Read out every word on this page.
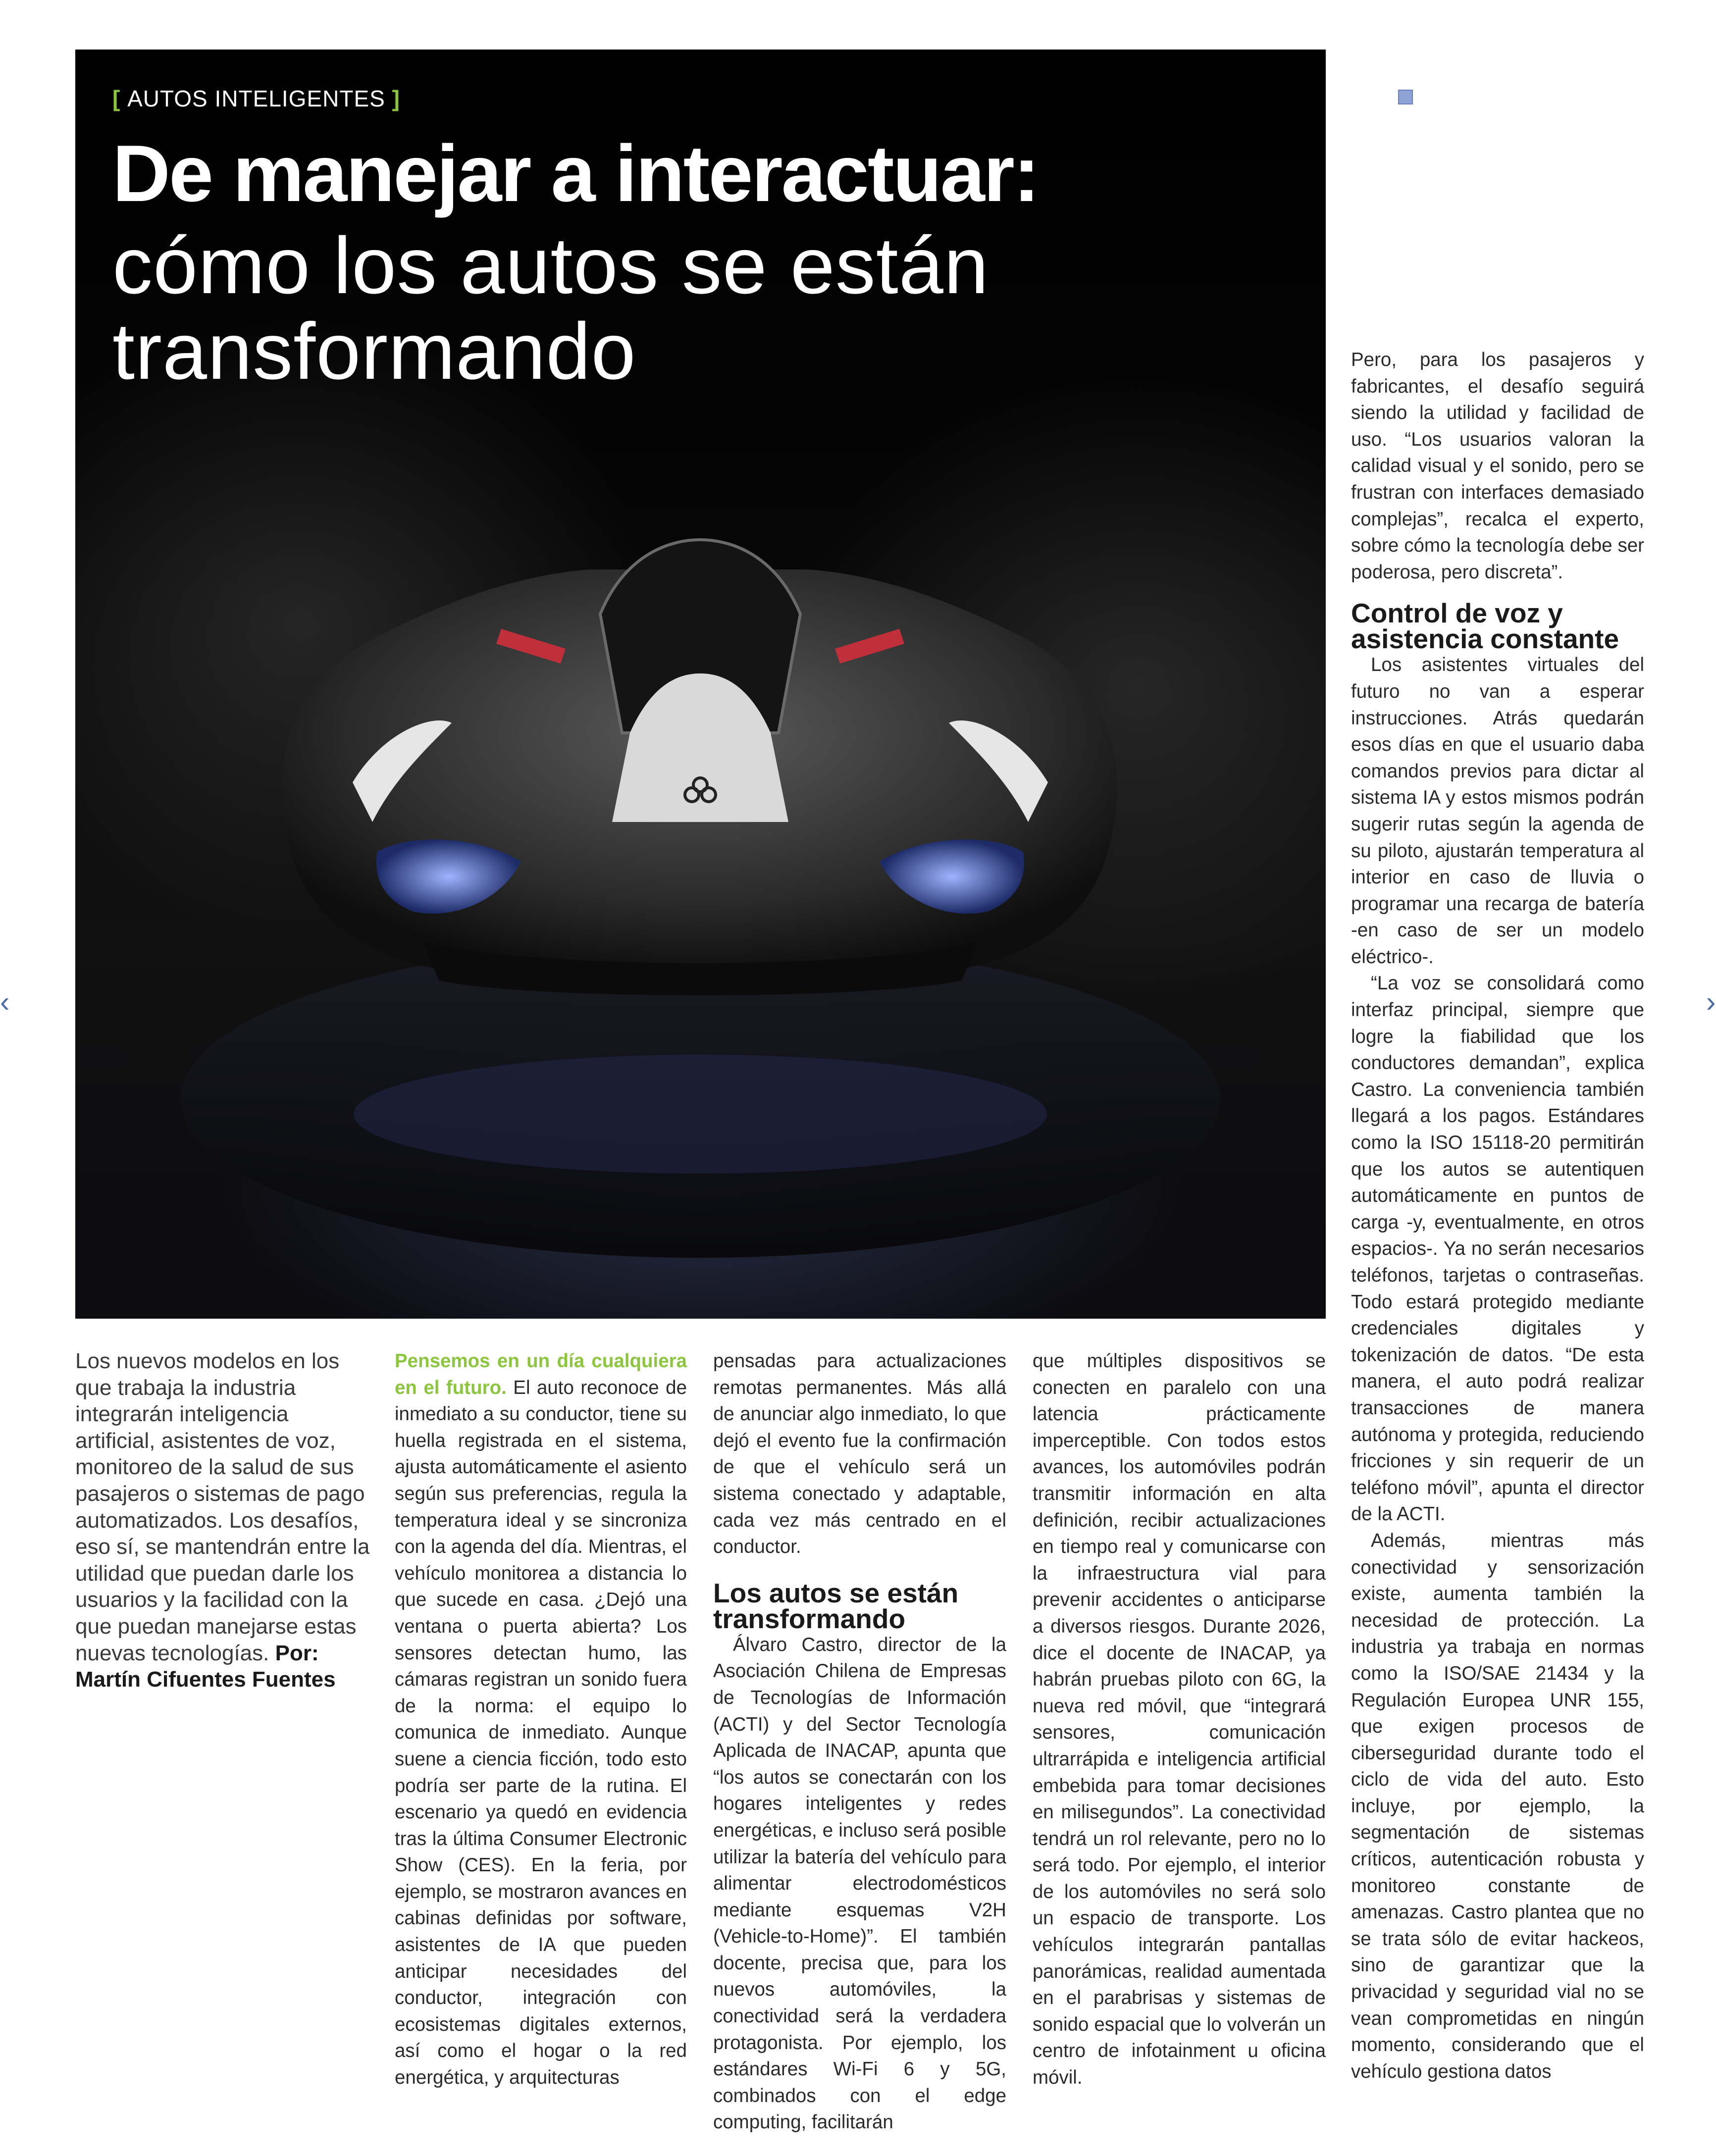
[ AUTOS INTELIGENTES ]
De manejar a interactuar:
cómo los autos se están transformando
‹	›
Los nuevos modelos en los que trabaja la industria integrarán inteligencia artificial, asistentes de voz, monitoreo de la salud de sus pasajeros o sistemas de pago automatizados. Los desafíos, eso sí, se mantendrán entre la utilidad que puedan darle los usuarios y la facilidad con la que puedan manejarse estas nuevas tecnologías. Por: Martín Cifuentes Fuentes

Pensemos en un día cualquiera en el futuro. El auto reconoce de inmediato a su conductor, tiene su huella registrada en el sistema, ajusta automáticamente el asiento según sus preferencias, regula la temperatura ideal y se sincroniza con la agenda del día. Mientras, el vehículo monitorea a distancia lo que sucede en casa. ¿Dejó una ventana o puerta abierta? Los sensores detectan humo, las cámaras registran un sonido fuera de la norma: el equipo lo comunica de inmediato. Aunque suene a ciencia ficción, todo esto podría ser parte de la rutina. El escenario ya quedó en evidencia tras la última Consumer Electronic Show (CES). En la feria, por ejemplo, se mostraron avances en cabinas definidas por software, asistentes de IA que pueden anticipar necesidades del conductor, integración con ecosistemas digitales externos, así como el hogar o la red energética, y arquitecturas

pensadas para actualizaciones remotas permanentes. Más allá de anunciar algo inmediato, lo que dejó el evento fue la confirmación de que el vehículo será un sistema conectado y adaptable, cada vez más centrado en el conductor.

Los autos se están transformando

Álvaro Castro, director de la Asociación Chilena de Empresas de Tecnologías de Información (ACTI) y del Sector Tecnología Aplicada de INACAP, apunta que “los autos se conectarán con los hogares inteligentes y redes energéticas, e incluso será posible utilizar la batería del vehículo para alimentar electrodomésticos mediante esquemas V2H (Vehicle-to-Home)”. El también docente, precisa que, para los nuevos automóviles, la conectividad será la verdadera protagonista. Por ejemplo, los estándares Wi-Fi 6 y 5G, combinados con el edge computing, facilitarán

que múltiples dispositivos se conecten en paralelo con una latencia prácticamente imperceptible. Con todos estos avances, los automóviles podrán transmitir información en alta definición, recibir actualizaciones en tiempo real y comunicarse con la infraestructura vial para prevenir accidentes o anticiparse a diversos riesgos. Durante 2026, dice el docente de INACAP, ya habrán pruebas piloto con 6G, la nueva red móvil, que “integrará sensores, comunicación ultrarrápida e inteligencia artificial embebida para tomar decisiones en milisegundos”. La conectividad tendrá un rol relevante, pero no lo será todo. Por ejemplo, el interior de los automóviles no será solo un espacio de transporte. Los vehículos integrarán pantallas panorámicas, realidad aumentada en el parabrisas y sistemas de sonido espacial que lo volverán un centro de infotainment u oficina móvil.

Pero, para los pasajeros y fabricantes, el desafío seguirá siendo la utilidad y facilidad de uso. “Los usuarios valoran la calidad visual y el sonido, pero se frustran con interfaces demasiado complejas”, recalca el experto, sobre cómo la tecnología debe ser poderosa, pero discreta”.

Control de voz y asistencia constante

Los asistentes virtuales del futuro no van a esperar instrucciones. Atrás quedarán esos días en que el usuario daba comandos previos para dictar al sistema IA y estos mismos podrán sugerir rutas según la agenda de su piloto, ajustarán temperatura al interior en caso de lluvia o programar una recarga de batería -en caso de ser un modelo eléctrico-.

“La voz se consolidará como interfaz principal, siempre que logre la fiabilidad que los conductores demandan”, explica Castro. La conveniencia también llegará a los pagos. Estándares como la ISO 15118-20 permitirán que los autos se autentiquen automáticamente en puntos de carga -y, eventualmente, en otros espacios-. Ya no serán necesarios teléfonos, tarjetas o contraseñas. Todo estará protegido mediante credenciales digitales y tokenización de datos. “De esta manera, el auto podrá realizar transacciones de manera autónoma y protegida, reduciendo fricciones y sin requerir de un teléfono móvil”, apunta el director de la ACTI.

Además, mientras más conectividad y sensorización existe, aumenta también la necesidad de protección. La industria ya trabaja en normas como la ISO/SAE 21434 y la Regulación Europea UNR 155, que exigen procesos de ciberseguridad durante todo el ciclo de vida del auto. Esto incluye, por ejemplo, la segmentación de sistemas críticos, autenticación robusta y monitoreo constante de amenazas. Castro plantea que no se trata sólo de evitar hackeos, sino de garantizar que la privacidad y seguridad vial no se vean comprometidas en ningún momento, considerando que el vehículo gestiona datos
